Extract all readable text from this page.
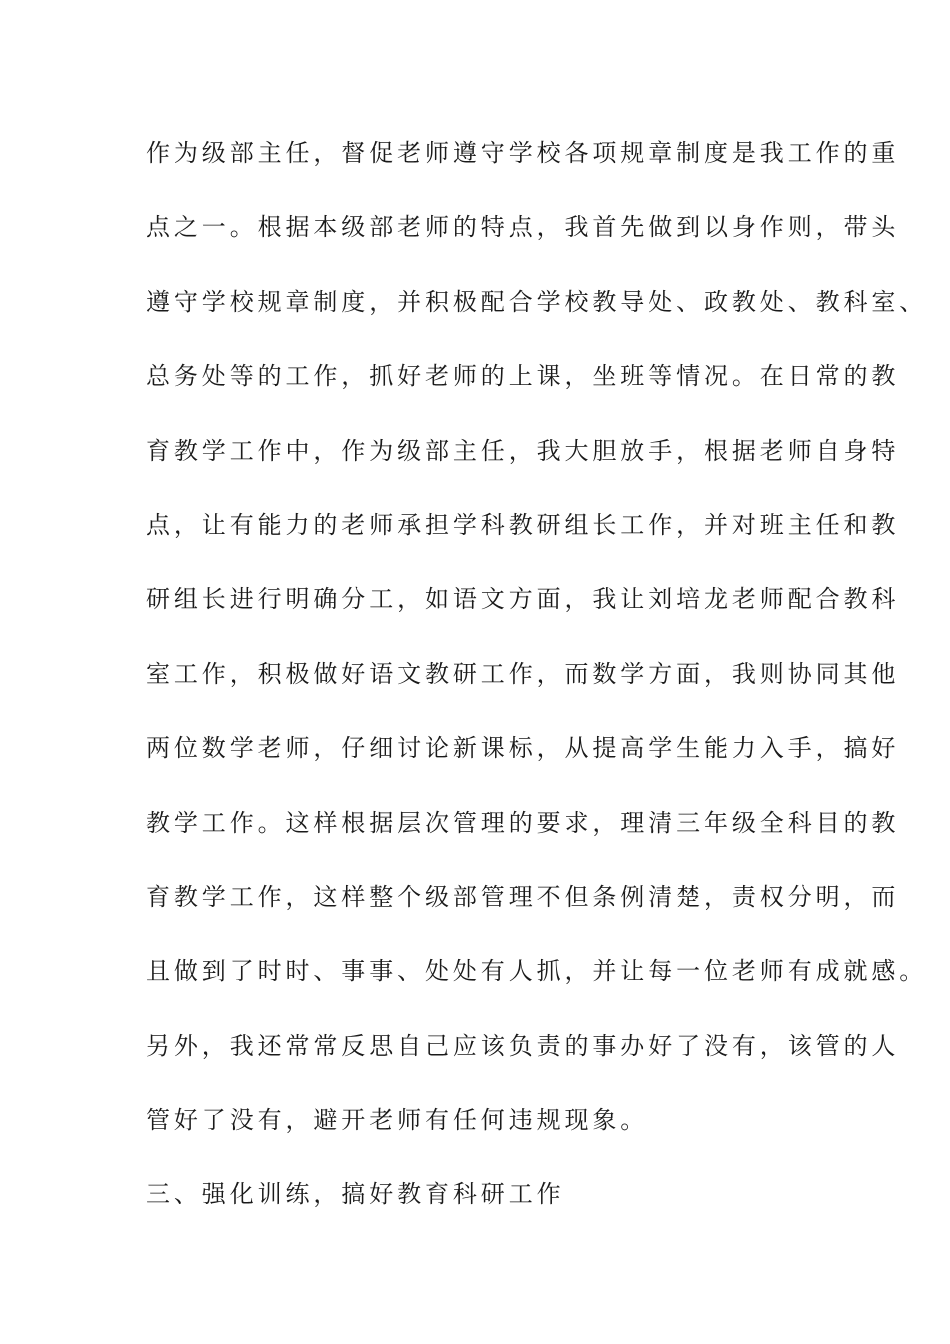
作为级部主任，督促老师遵守学校各项规章制度是我工作的重
点之一。根据本级部老师的特点，我首先做到以身作则，带头
遵守学校规章制度，并积极配合学校教导处、政教处、教科室、
总务处等的工作，抓好老师的上课，坐班等情况。在日常的教
育教学工作中，作为级部主任，我大胆放手，根据老师自身特
点，让有能力的老师承担学科教研组长工作，并对班主任和教
研组长进行明确分工，如语文方面，我让刘培龙老师配合教科
室工作，积极做好语文教研工作，而数学方面，我则协同其他
两位数学老师，仔细讨论新课标，从提高学生能力入手，搞好
教学工作。这样根据层次管理的要求，理清三年级全科目的教
育教学工作，这样整个级部管理不但条例清楚，责权分明，而
且做到了时时、事事、处处有人抓，并让每一位老师有成就感。
另外，我还常常反思自己应该负责的事办好了没有，该管的人
管好了没有，避开老师有任何违规现象。
三、强化训练，搞好教育科研工作
